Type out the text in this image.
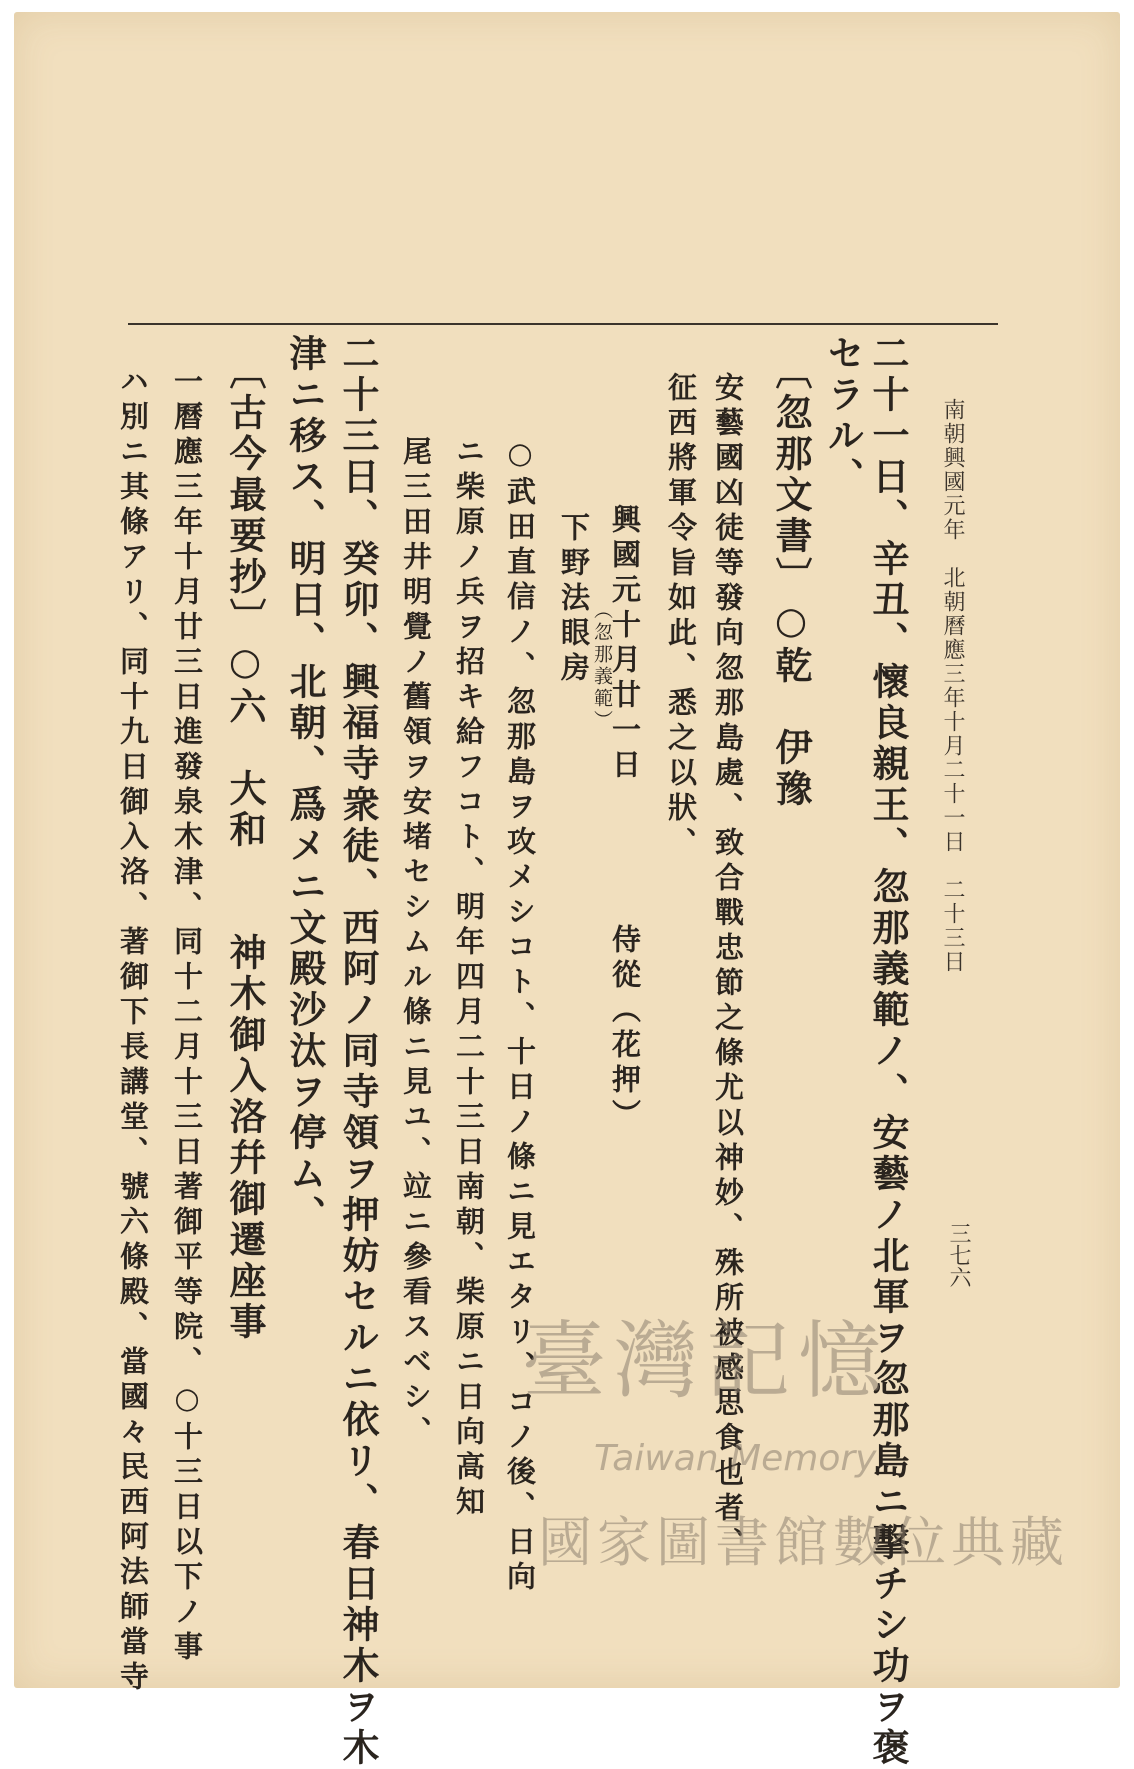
南朝興國元年　北朝曆應三年十月二十一日　二十三日
三七六
二十一日、辛丑、懷良親王、忽那義範ノ、安藝ノ北軍ヲ忽那島ニ擊チシ功ヲ褒
セラル、
〔忽那文書〕○乾　伊豫
安藝國凶徒等發向忽那島處、致合戰忠節之條尤以神妙、殊所被感思食也者、
征西將軍令旨如此、悉之以狀、
興國元十月廿一日　　　　侍從（花押）
下野法眼房 （忽那義範）
○武田直信ノ、忽那島ヲ攻メシコト、十日ノ條ニ見エタリ、コノ後、日向
ニ柴原ノ兵ヲ招キ給フコト、明年四月二十三日南朝、柴原ニ日向高知
尾三田井明覺ノ舊領ヲ安堵セシムル條ニ見ユ、竝ニ參看スベシ、
二十三日、癸卯、興福寺衆徒、西阿ノ同寺領ヲ押妨セルニ依リ、春日神木ヲ木
津ニ移ス、明日、北朝、爲メニ文殿沙汰ヲ停ム、
〔古今最要抄〕○六　大和　　神木御入洛幷御遷座事
一曆應三年十月廿三日進發泉木津、同十二月十三日著御平等院、○十三日以下ノ事
ハ別ニ其條アリ、同十九日御入洛、著御下長講堂、號六條殿、當國々民西阿法師當寺	臺灣記憶
Taiwan Memory
國家圖書館數位典藏
